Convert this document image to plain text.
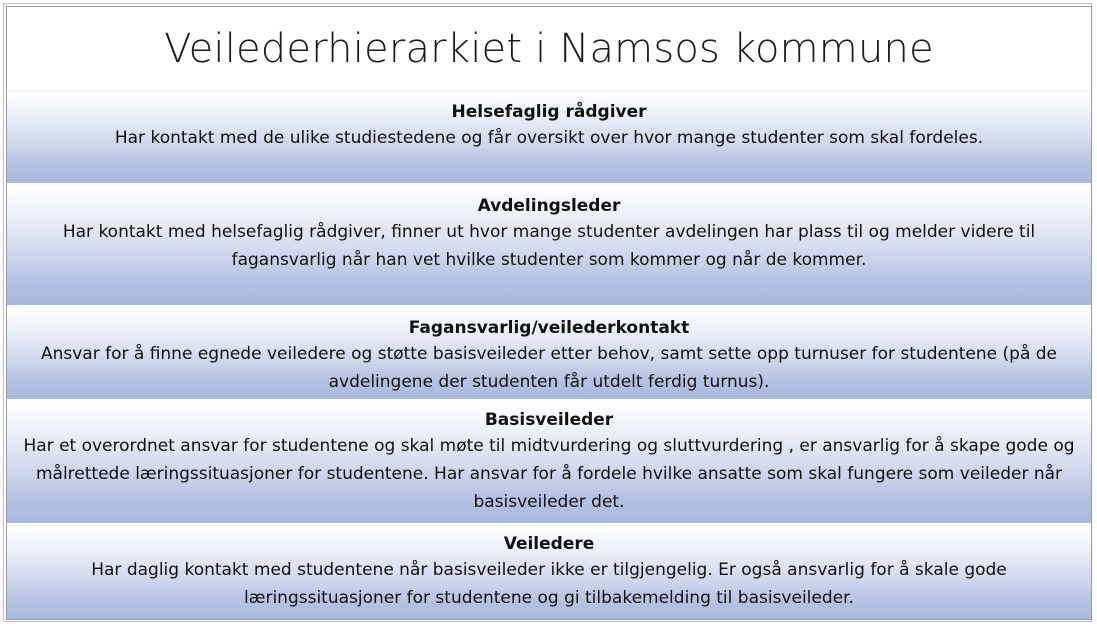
Veilederhierarkiet i Namsos kommune
Helsefaglig rådgiver
Har kontakt med de ulike studiestedene og får oversikt over hvor mange studenter som skal fordeles.
Avdelingsleder
Har kontakt med helsefaglig rådgiver, finner ut hvor mange studenter avdelingen har plass til og melder videre til fagansvarlig når han vet hvilke studenter som kommer og når de kommer.
Fagansvarlig/veilederkontakt
Ansvar for å finne egnede veiledere og støtte basisveileder etter behov, samt sette opp turnuser for studentene (på de avdelingene der studenten får utdelt ferdig turnus).
Basisveileder
Har et overordnet ansvar for studentene og skal møte til midtvurdering og sluttvurdering , er ansvarlig for å skape gode og målrettede læringssituasjoner for studentene. Har ansvar for å fordele hvilke ansatte som skal fungere som veileder når basisveileder det.
Veiledere
Har daglig kontakt med studentene når basisveileder ikke er tilgjengelig. Er også ansvarlig for å skale gode læringssituasjoner for studentene og gi tilbakemelding til basisveileder.
